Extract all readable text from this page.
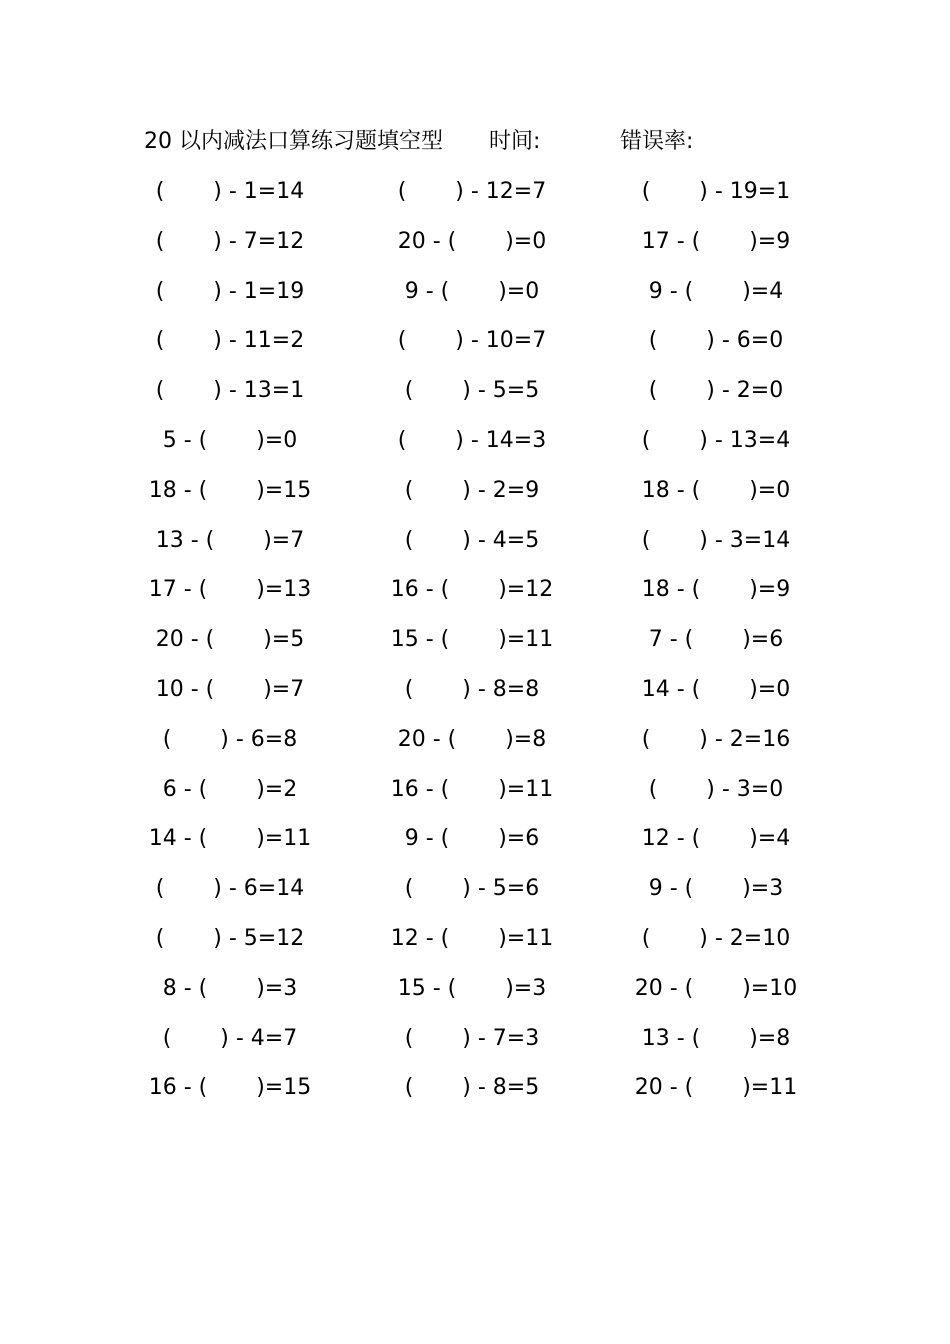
20 以内减法口算练习题填空型 时间:	错误率:
(       ) - 1=14	(       ) - 12=7	(       ) - 19=1
(       ) - 7=12	20 - (       )=0	17 - (       )=9
(       ) - 1=19	9 - (       )=0	9 - (       )=4
(       ) - 11=2	(       ) - 10=7	(       ) - 6=0
(       ) - 13=1	(       ) - 5=5	(       ) - 2=0
5 - (       )=0	(       ) - 14=3	(       ) - 13=4
18 - (       )=15	(       ) - 2=9	18 - (       )=0
13 - (       )=7	(       ) - 4=5	(       ) - 3=14
17 - (       )=13	16 - (       )=12	18 - (       )=9
20 - (       )=5	15 - (       )=11	7 - (       )=6
10 - (       )=7	(       ) - 8=8	14 - (       )=0
(       ) - 6=8	20 - (       )=8	(       ) - 2=16
6 - (       )=2	16 - (       )=11	(       ) - 3=0
14 - (       )=11	9 - (       )=6	12 - (       )=4
(       ) - 6=14	(       ) - 5=6	9 - (       )=3
(       ) - 5=12	12 - (       )=11	(       ) - 2=10
8 - (       )=3	15 - (       )=3	20 - (       )=10
(       ) - 4=7	(       ) - 7=3	13 - (       )=8
16 - (       )=15	(       ) - 8=5	20 - (       )=11
